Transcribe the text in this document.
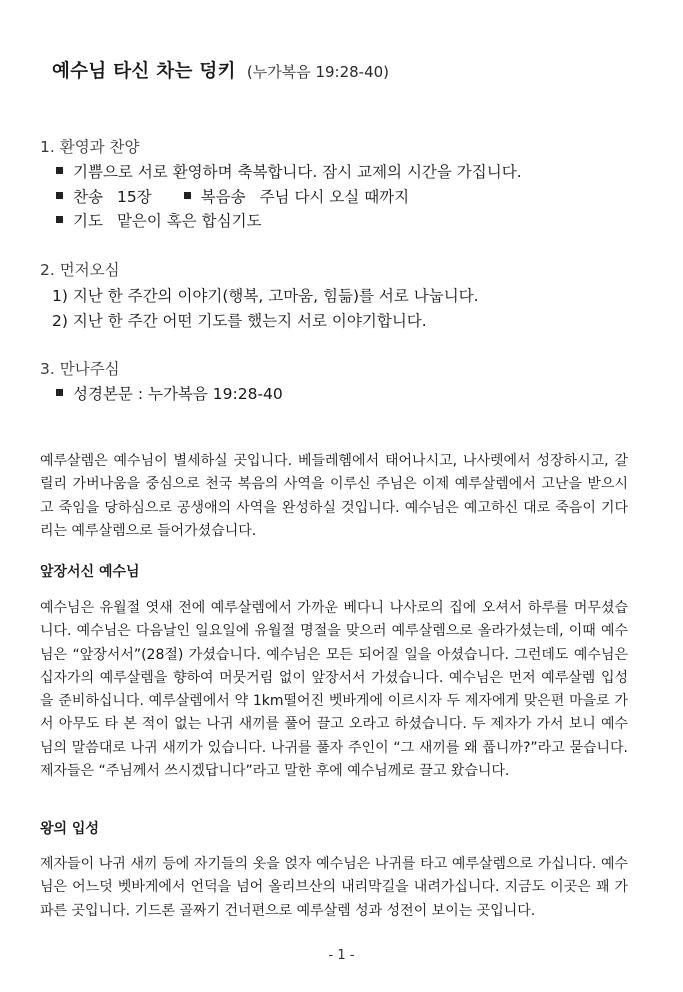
예수님 타신 차는 덩키 (누가복음 19:28-40)
1. 환영과 찬양
기쁨으로 서로 환영하며 축복합니다. 잠시 교제의 시간을 가집니다.
찬송 15장	복음송 주님 다시 오실 때까지
기도 맡은이 혹은 합심기도
2. 먼저오심
1) 지난 한 주간의 이야기(행복, 고마움, 힘듦)를 서로 나눕니다.
2) 지난 한 주간 어떤 기도를 했는지 서로 이야기합니다.
3. 만나주심
성경본문 : 누가복음 19:28-40

예루살렘은 예수님이 별세하실 곳입니다. 베들레헴에서 태어나시고, 나사렛에서 성장하시고, 갈릴리 가버나움을 중심으로 천국 복음의 사역을 이루신 주님은 이제 예루살렘에서 고난을 받으시고 죽임을 당하심으로 공생애의 사역을 완성하실 것입니다. 예수님은 예고하신 대로 죽음이 기다리는 예루살렘으로 들어가셨습니다.

앞장서신 예수님

예수님은 유월절 엿새 전에 예루살렘에서 가까운 베다니 나사로의 집에 오셔서 하루를 머무셨습니다. 예수님은 다음날인 일요일에 유월절 명절을 맞으러 예루살렘으로 올라가셨는데, 이때 예수님은 “앞장서서”(28절) 가셨습니다. 예수님은 모든 되어질 일을 아셨습니다. 그런데도 예수님은 십자가의 예루살렘을 향하여 머뭇거림 없이 앞장서서 가셨습니다. 예수님은 먼저 예루살렘 입성을 준비하십니다. 예루살렘에서 약 1km떨어진 벳바게에 이르시자 두 제자에게 맞은편 마을로 가서 아무도 타 본 적이 없는 나귀 새끼를 풀어 끌고 오라고 하셨습니다. 두 제자가 가서 보니 예수님의 말씀대로 나귀 새끼가 있습니다. 나귀를 풀자 주인이 “그 새끼를 왜 풉니까?”라고 묻습니다. 제자들은 “주님께서 쓰시겠답니다”라고 말한 후에 예수님께로 끌고 왔습니다.

왕의 입성

제자들이 나귀 새끼 등에 자기들의 옷을 얹자 예수님은 나귀를 타고 예루살렘으로 가십니다. 예수님은 어느덧 벳바게에서 언덕을 넘어 올리브산의 내리막길을 내려가십니다. 지금도 이곳은 꽤 가파른 곳입니다. 기드론 골짜기 건너편으로 예루살렘 성과 성전이 보이는 곳입니다.

- 1 -
